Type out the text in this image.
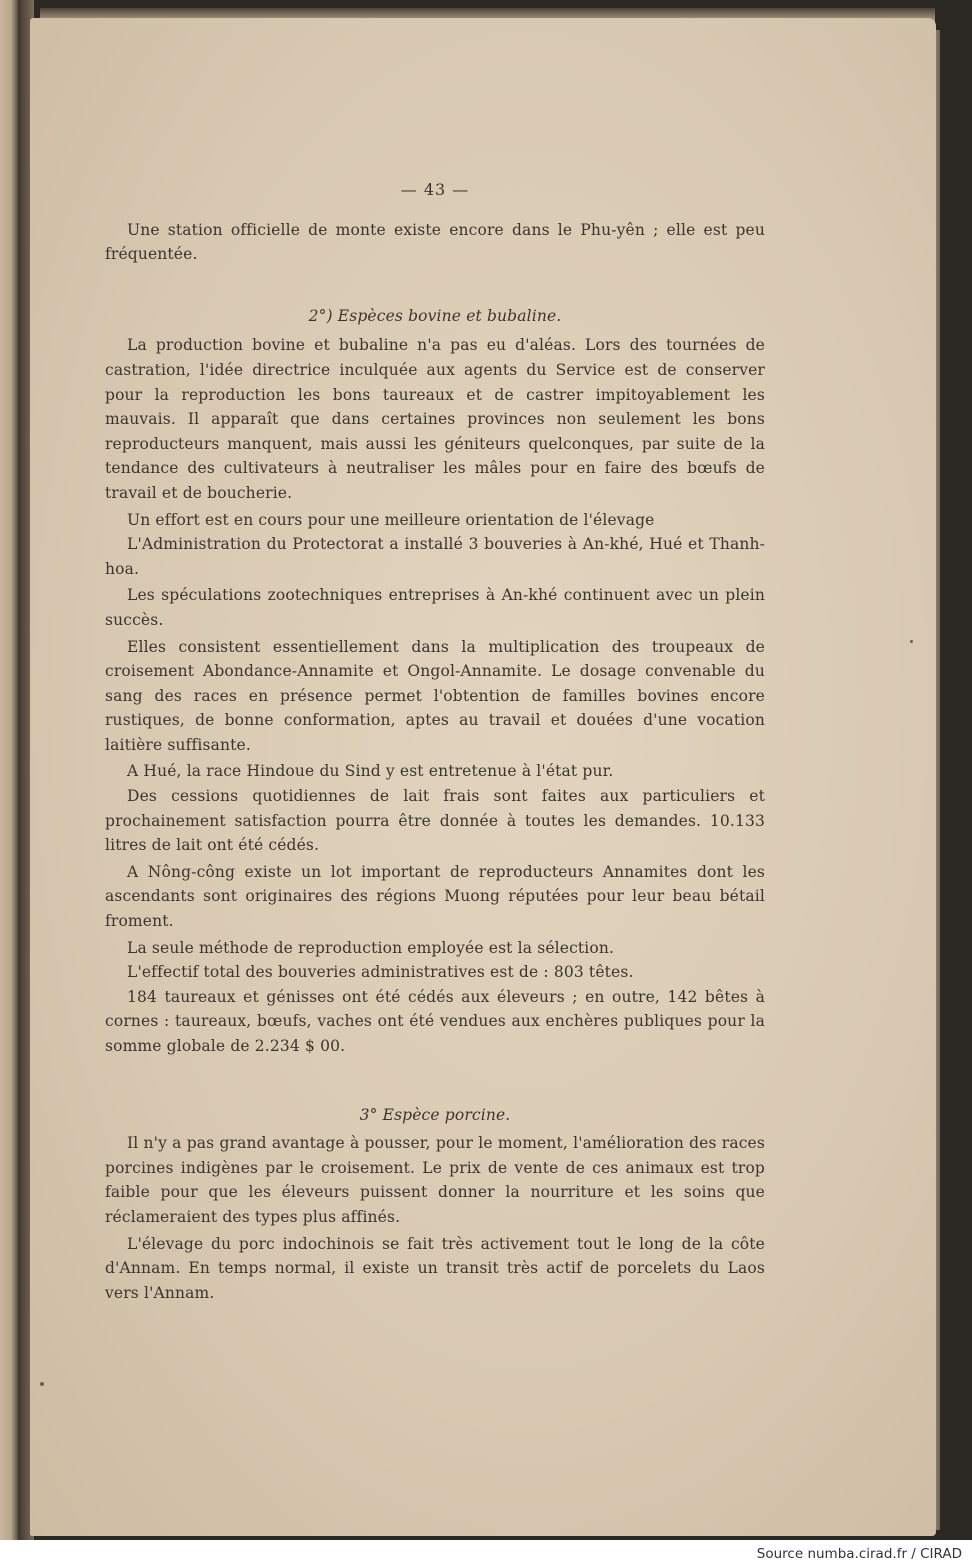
— 43 —

Une station officielle de monte existe encore dans le Phu-yên ; elle est peu fréquentée.

2°) Espèces bovine et bubaline.

La production bovine et bubaline n'a pas eu d'aléas. Lors des tournées de castration, l'idée directrice inculquée aux agents du Service est de conserver pour la reproduction les bons taureaux et de castrer impitoyablement les mauvais. Il apparaît que dans certaines provinces non seulement les bons reproducteurs manquent, mais aussi les géniteurs quelconques, par suite de la tendance des cultivateurs à neutraliser les mâles pour en faire des bœufs de travail et de boucherie.

Un effort est en cours pour une meilleure orientation de l'élevage

L'Administration du Protectorat a installé 3 bouveries à An-khé, Hué et Thanh-hoa.

Les spéculations zootechniques entreprises à An-khé continuent avec un plein succès.

Elles consistent essentiellement dans la multiplication des troupeaux de croisement Abondance-Annamite et Ongol-Annamite. Le dosage convenable du sang des races en présence permet l'obtention de familles bovines encore rustiques, de bonne conformation, aptes au travail et douées d'une vocation laitière suffisante.

A Hué, la race Hindoue du Sind y est entretenue à l'état pur.

Des cessions quotidiennes de lait frais sont faites aux particuliers et prochainement satisfaction pourra être donnée à toutes les demandes. 10.133 litres de lait ont été cédés.

A Nông-công existe un lot important de reproducteurs Annamites dont les ascendants sont originaires des régions Muong réputées pour leur beau bétail froment.

La seule méthode de reproduction employée est la sélection.

L'effectif total des bouveries administratives est de : 803 têtes.

184 taureaux et génisses ont été cédés aux éleveurs ; en outre, 142 bêtes à cornes : taureaux, bœufs, vaches ont été vendues aux enchères publiques pour la somme globale de 2.234 $ 00.

3° Espèce porcine.

Il n'y a pas grand avantage à pousser, pour le moment, l'amélioration des races porcines indigènes par le croisement. Le prix de vente de ces animaux est trop faible pour que les éleveurs puissent donner la nourriture et les soins que réclameraient des types plus affinés.

L'élevage du porc indochinois se fait très activement tout le long de la côte d'Annam. En temps normal, il existe un transit très actif de porcelets du Laos vers l'Annam.

Source numba.cirad.fr / CIRAD
